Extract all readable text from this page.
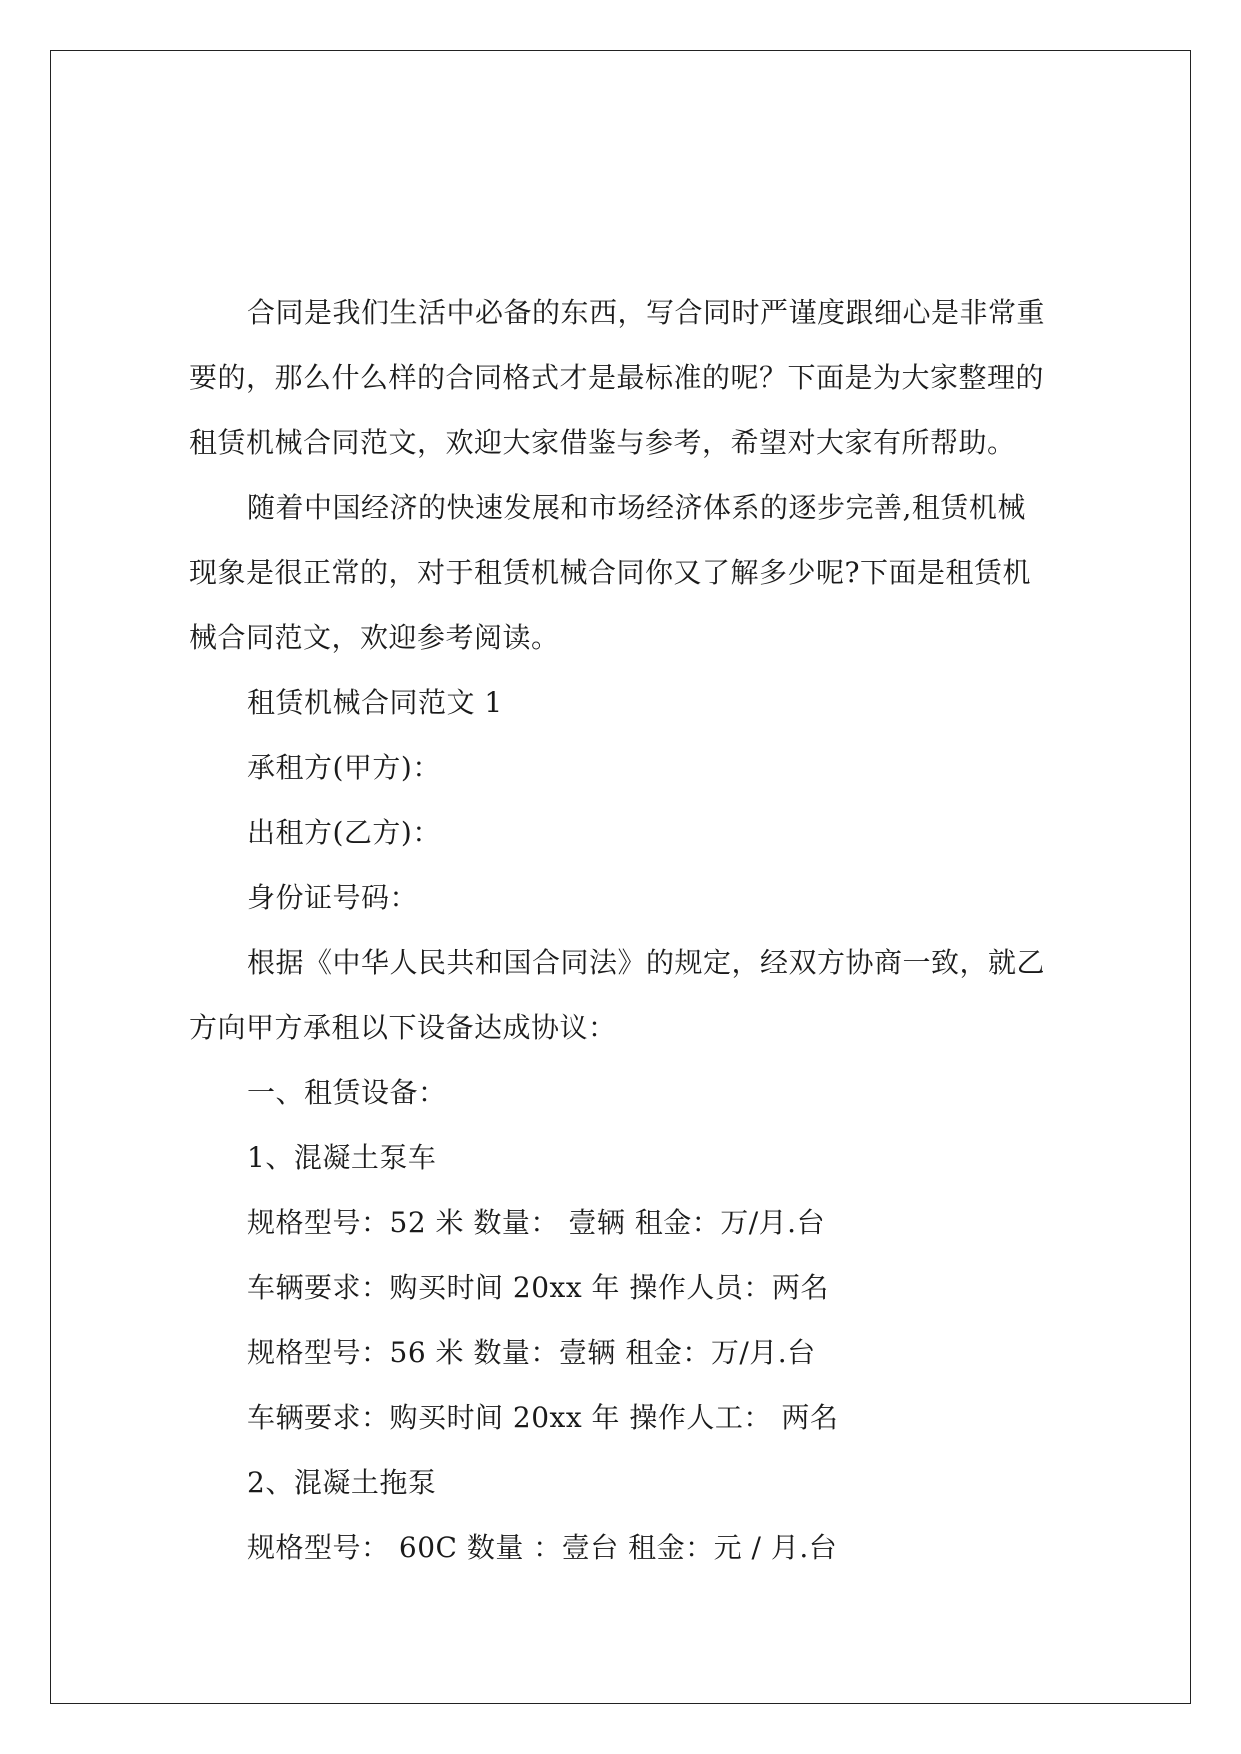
合同是我们生活中必备的东西，写合同时严谨度跟细心是非常重
要的，那么什么样的合同格式才是最标准的呢？下面是为大家整理的
租赁机械合同范文，欢迎大家借鉴与参考，希望对大家有所帮助。
随着中国经济的快速发展和市场经济体系的逐步完善,租赁机械
现象是很正常的，对于租赁机械合同你又了解多少呢?下面是租赁机
械合同范文，欢迎参考阅读。
租赁机械合同范文 1
承租方(甲方)：
出租方(乙方)：
身份证号码：
根据《中华人民共和国合同法》的规定，经双方协商一致，就乙
方向甲方承租以下设备达成协议：
一、租赁设备：
1、混凝土泵车
规格型号：52 米 数量： 壹辆 租金：万/月.台
车辆要求：购买时间 20xx 年 操作人员：两名
规格型号：56 米 数量：壹辆 租金：万/月.台
车辆要求：购买时间 20xx 年 操作人工： 两名
2、混凝土拖泵
规格型号： 60C 数量 ：壹台 租金：元 / 月.台
